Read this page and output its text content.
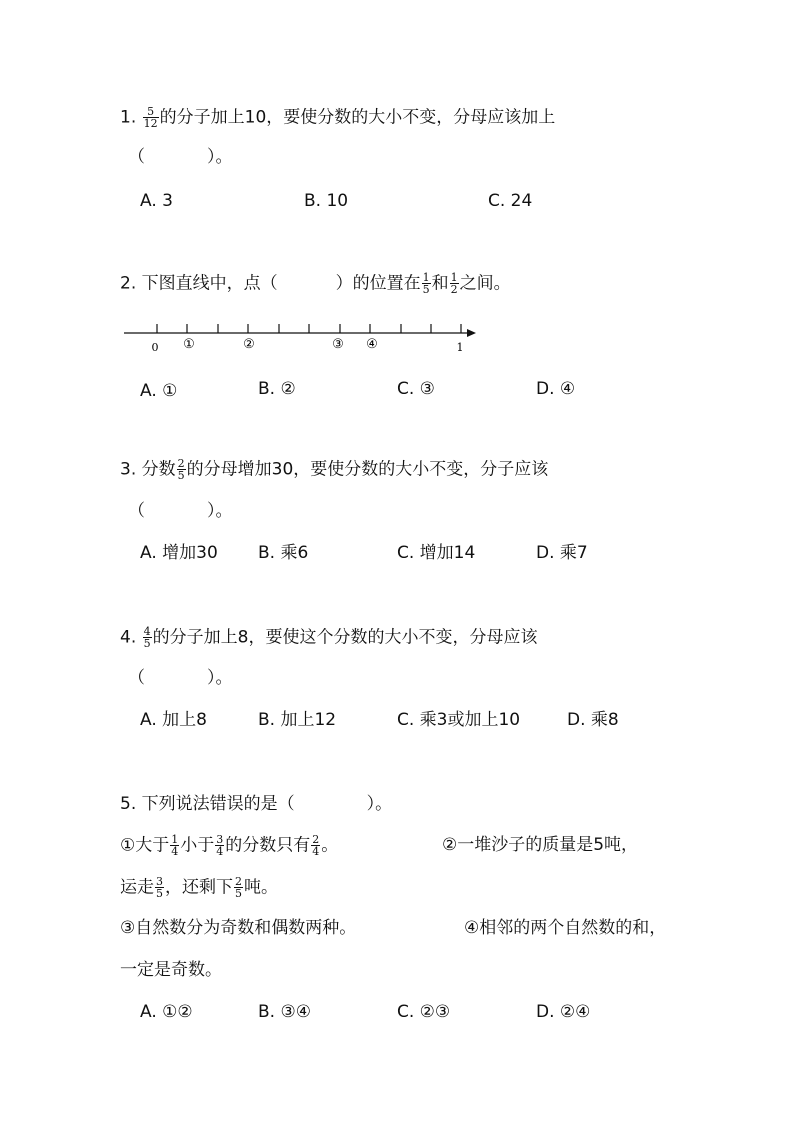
1. $\frac{5}{12}$ 的分子加上10，要使分数的大小不变，分母应该加上
（	）。
A. 3	B. 10	C. 24
2. 下图直线中，点（	）的位置在 $\frac{1}{5}$ 和 $\frac{1}{2}$ 之间。
0 ①	②	③ ④	1
A. ①	B. ②	C. ③	D. ④
3. 分数 $\frac{2}{5}$ 的分母增加30，要使分数的大小不变，分子应该
（	）。
A. 增加30 B. 乘6	C. 增加14	D. 乘7
4. $\frac{4}{5}$ 的分子加上8，要使这个分数的大小不变，分母应该
（	）。
A. 加上8	B. 加上12	C. 乘3或加上10	D. 乘8
5. 下列说法错误的是（	）。
①大于 $\frac{1}{4}$ 小于 $\frac{3}{4}$ 的分数只有 $\frac{2}{4}$ 。	②一堆沙子的质量是5吨，
运走 $\frac{3}{5}$ ，还剩下 $\frac{2}{5}$ 吨。
③自然数分为奇数和偶数两种。	④相邻的两个自然数的和，
一定是奇数。
A. ①②	B. ③④	C. ②③	D. ②④
